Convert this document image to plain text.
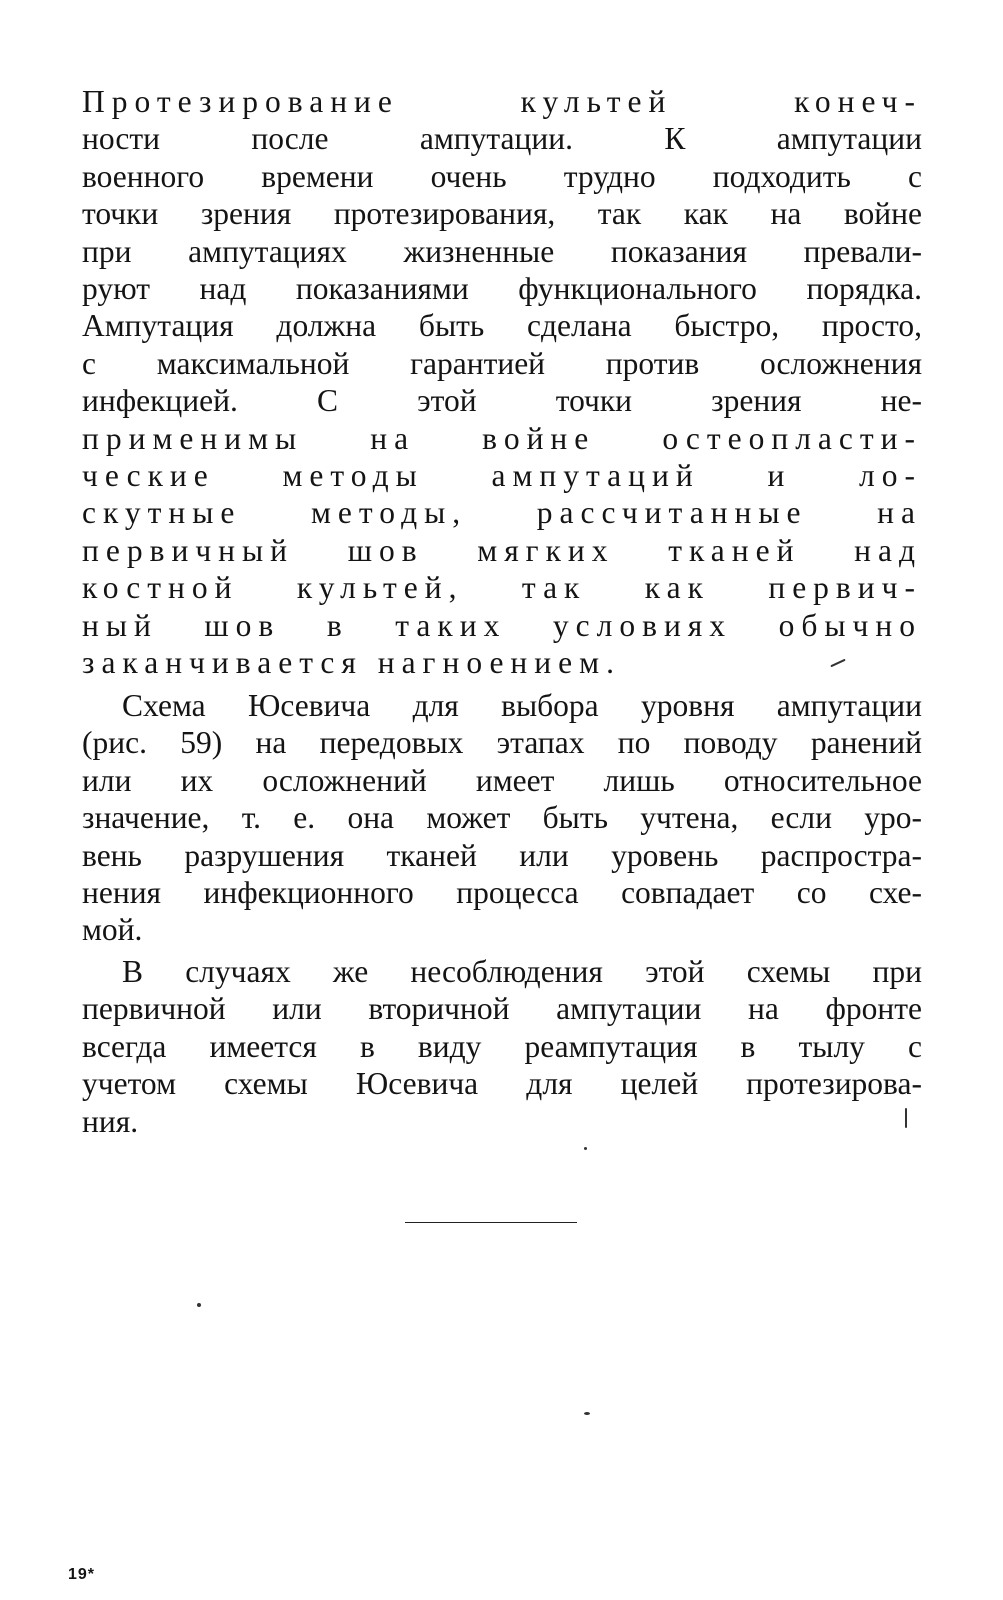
Протезирование культей конеч-
ности после ампутации. К ампутации
военного времени очень трудно подходить с
точки зрения протезирования, так как на войне
при ампутациях жизненные показания превали-
руют над показаниями функционального порядка.
Ампутация должна быть сделана быстро, просто,
с максимальной гарантией против осложнения
инфекцией. С этой точки зрения не-
применимы на войне остеопласти-
ческие методы ампутаций и ло-
скутные методы, рассчитанные на
первичный шов мягких тканей над
костной культей, так как первич-
ный шов в таких условиях обычно
заканчивается нагноением.

Схема Юсевича для выбора уровня ампутации
(рис. 59) на передовых этапах по поводу ранений
или их осложнений имеет лишь относительное
значение, т. е. она может быть учтена, если уро-
вень разрушения тканей или уровень распростра-
нения инфекционного процесса совпадает со схе-
мой.

В случаях же несоблюдения этой схемы при
первичной или вторичной ампутации на фронте
всегда имеется в виду реампутация в тылу с
учетом схемы Юсевича для целей протезирова-
ния.

19*
